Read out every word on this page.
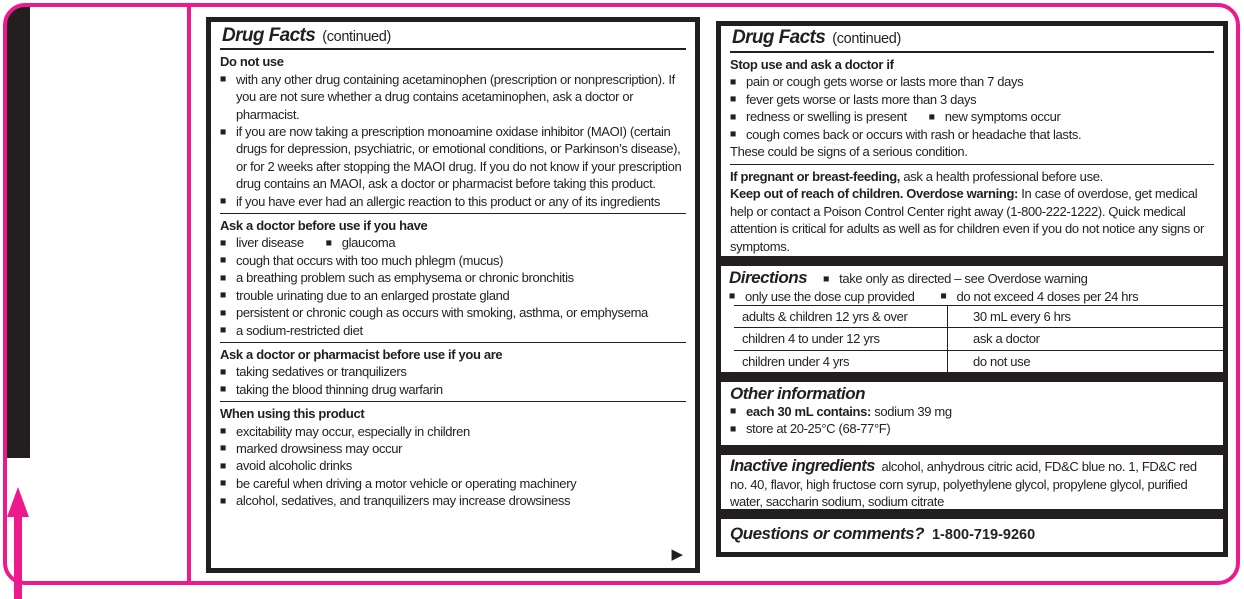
Drug Facts (continued)
Do not use
■ with any other drug containing acetaminophen (prescription or nonprescription). If you are not sure whether a drug contains acetaminophen, ask a doctor or pharmacist.
■ if you are now taking a prescription monoamine oxidase inhibitor (MAOI) (certain drugs for depression, psychiatric, or emotional conditions, or Parkinson’s disease), or for 2 weeks after stopping the MAOI drug. If you do not know if your prescription drug contains an MAOI, ask a doctor or pharmacist before taking this product.
■ if you have ever had an allergic reaction to this product or any of its ingredients
Ask a doctor before use if you have
■ liver disease	■ glaucoma
■ cough that occurs with too much phlegm (mucus)
■ a breathing problem such as emphysema or chronic bronchitis
■ trouble urinating due to an enlarged prostate gland
■ persistent or chronic cough as occurs with smoking, asthma, or emphysema
■ a sodium-restricted diet
Ask a doctor or pharmacist before use if you are
■ taking sedatives or tranquilizers
■ taking the blood thinning drug warfarin
When using this product
■ excitability may occur, especially in children
■ marked drowsiness may occur
■ avoid alcoholic drinks
■ be careful when driving a motor vehicle or operating machinery
■ alcohol, sedatives, and tranquilizers may increase drowsiness
▶
Drug Facts (continued)
Stop use and ask a doctor if
■ pain or cough gets worse or lasts more than 7 days
■ fever gets worse or lasts more than 3 days
■ redness or swelling is present	■ new symptoms occur
■ cough comes back or occurs with rash or headache that lasts.
These could be signs of a serious condition.

If pregnant or breast-feeding, ask a health professional before use.

Keep out of reach of children. Overdose warning: In case of overdose, get medical help or contact a Poison Control Center right away (1-800-222-1222). Quick medical attention is critical for adults as well as for children even if you do not notice any signs or symptoms.

Directions	■ take only as directed – see Overdose warning
■ only use the dose cup provided	■ do not exceed 4 doses per 24 hrs
adults & children 12 yrs & over	30 mL every 6 hrs
children 4 to under 12 yrs	ask a doctor
children under 4 yrs	do not use
Other information
■ each 30 mL contains: sodium 39 mg
■ store at 20-25°C (68-77°F)

Inactive ingredients alcohol, anhydrous citric acid, FD&C blue no. 1, FD&C red no. 40, flavor, high fructose corn syrup, polyethylene glycol, propylene glycol, purified water, saccharin sodium, sodium citrate

Questions or comments? 1-800-719-9260
